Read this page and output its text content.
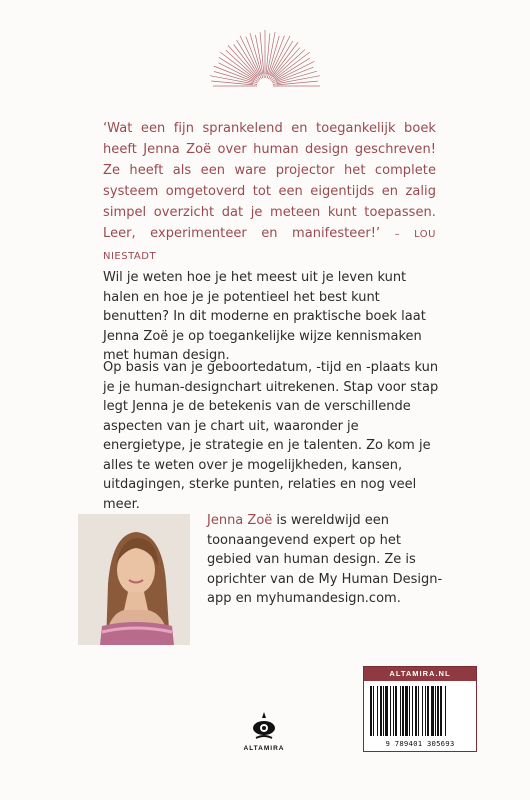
‘Wat een fijn sprankelend en toegankelijk boek heeft Jenna Zoë over human design geschreven! Ze heeft als een ware projector het complete systeem omgetoverd tot een eigentijds en zalig simpel overzicht dat je meteen kunt toepassen. Leer, experimenteer en manifesteer!’ – LOU NIESTADT

Wil je weten hoe je het meest uit je leven kunt halen en hoe je je potentieel het best kunt benutten? In dit moderne en praktische boek laat Jenna Zoë je op toegankelijke wijze kennismaken met human design.

Op basis van je geboortedatum, -tijd en -plaats kun je je human-designchart uitrekenen. Stap voor stap legt Jenna je de betekenis van de verschillende aspecten van je chart uit, waaronder je energietype, je strategie en je talenten. Zo kom je alles te weten over je mogelijkheden, kansen, uitdagingen, sterke punten, relaties en nog veel meer.

Jenna Zoë is wereldwijd een toonaangevend expert op het gebied van human design. Ze is oprichter van de My Human Design-app en myhumandesign.com.

ALTAMIRA
ALTAMIRA.NL
9 789401 305693
